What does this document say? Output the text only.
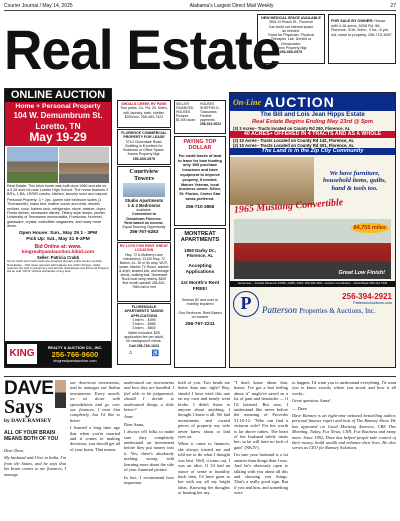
Courier Journal / May 14, 2025	Alabama's Largest Direct Mail Weekly	27
Real Estate
NEW MEDICAL SPACE AVAILABLE
3901-N Peach St., Florence
Can build out internal space
as needed.
Great for Physician, Physical
Therapist, Lab, Dentist or
Chiropractor.
Kanns Property Mgt.
256-666-0579
FOR SALE BY OWNER: House with 4.16 acres, 5208 Rd. 58, Florence, 3/1b, 5d/m., 2 ba., 6 yrs. old, close to property. 256-710-3587
ONLINE AUCTION
Home + Personal Property
104 W. Demumbrum St.
Loretto, TN
May 19-29
Real Estate: This brick home was built circa 1960 and sits on a 0.26 acre lot near Loretto High School. The home features 3 BR's, 1 BA, LR/DR combo, kitchen, laundry room and carport.
Personal Property: 3 + 2pc. queen size bedroom suites (1 Thomasville), brass bed, leather couch and chair, electric recliner, curio, bakers rack, refrigerator, stove, washer, dryer, Fiesta dishes, stoneware dishes, Tiffany style lamps, pewter, University of Tennessee memorabilia, Frankoma, Hummel, glassware, crystal, collectible magazines, and many more items.
Open House: Sun., May 25 1 - 3PM
Pick Up: Sat., May 31 9-2PM
Bid Online at: www.
kingrealtyandauction.hibid.com
Seller: Patricia Crabb
Terms: Debit and credit cards are accepted through online auction website. Real Estate - 10% down payment with balance due within 30 days. Seller reserves the right to accept any and all bids. Real Estate and Personal Property will be sold "AS IS" without warranties of any kind.
KING
REALTY & AUCTION CO., INC.
256-766-9600
kingrealtyandauction.com
SHOALS CREEK RV PARK
Two parks. Co. Rd. 29, Killen, wifi, laundry, bath, shelter, $300/mo. 256-483-7323
FLORENCE COMMERCIAL PROPERTY FOR LEASE
3710 Cloverdale Road.
Building is Excellent for
Business or Office Space.
Kanns Property Mgt.
256-666-0579
Courtview Towers
Studio Apartments
1 & 2 Bedrooms
available.
Convenient to
Downtown Florence.
Rent based on income.
Equal Housing Opportunity
256-767-6283
RV LOTS FOR RENT GREAT LOCATION
Hwy. 72 & Mulberry Lane Intersection. 12100 Hwy. 72 Barton, AL. 30 or 50 amp, Wi-Fi, sewer, electric TV Room, washer & dryer, shaded lots, and storage sheds, walking trail, Tennessee Rock boat ramp nearby. $400 first month special! 256-810-7660 call or text
FLORENDALE APARTMENTS TAKING APPLICATIONS
1 bdrm. - $495
2 bdrm. - $585
3 bdrm. - $600
Water included, $25
application fee per adult,
for background check.
Call 256-766-1623
⌂	♿
SELLER
FINANCED
HOUSES
Pictures
$1,000 down
HOUSES
SHEFFIELD,
Tuscumbia
Flexible
payments
256-513-9022
PAYING TOP DOLLAR
For small tracks of land to lease for bow hunting only. Will purchase insurance and have equipment to improve property, if needed. Mature Veteran, local business owner. Killen, St. Florian, Center Star areas preferred.
256-710-2856
MONTREAT APARTMENTS
1850 Darby Dr., Florence, AL
Accepting Applications
1st Month's Rent FREE!
Seniors 62 and over or mobility impaired
One Bedroom, Rent Based on Income
256-767-2211
On-Line AUCTION
The Bill and Lois Jean Hipps Estate
Real Estate Begins Ending May 23rd @ 5pm
(3) 3 Acres~ Tracts located on County Rd 290, Florence, AL
40 ACRES+ OFFERED IN 4 TRACTS AND AS A WHOLE
(2) 10 Acres~ Tracts Located on County Rd 142, Florence, AL
(2) 10 Acres~ Tracts Located on County Rd 301, Florence, AL
The Land is in the Zip City Community
We have furniture, household items, quilts, hand & tools too.
1965 Mustang Convertible
84,755 miles
Great Low Finish!
Auctioneer – Donald Patterson #1566, AABS, AAPL 256-394-2921 • Auction Coordinator – Alicia Black 256-412-7433
P	256-394-2921
PattersonAuctions.com
Patterson Properties & Auctions, Inc.
DAVE
Says
by DAVE RAMSEY
ALL OF YOUR BRAIN MEANS BOTH OF YOU

Dear Dave,

My husband and I live in India. I'm from the States, and he says that his brain comes to me finances, I manage

our American investments, and he manages our Indian investments. Every month, we sit down with spreadsheets and go over our finances. I trust him completely, but I'd like to better

I learned a long time ago that when you're married and it comes to making decisions, you should get all of your brain. That means

understand our investments and how they are handled. I feel able to bit judgmental, should I decide to understand things a little better?

Anne

Dear Anna,

I always tell folks to make sure they completely understand an investment before they put money into it. Yes, there's absolutely nothing wrong with learning more about the side of your financial picture.

In fact, I recommend how important

both of you. Two heads are better than one, right? Boy, should I have tried this one on my own and nearly went broke. I didn't listen to anyone about anything. I thought I knew it all. We had investments and owned pieces of property my wife never knew about or laid eyes on.

When it came to finances, she always trusted me and told me to do what I thought was best. Well, it turns out, I was an idiot. If I'd had an ounce of sense or humility back then, I'd have gone to her with my all my bright ideas. Knowing her thoughts or hearing her say,

"I don't know about that, honey. I've got a bad feeling about it" might've saved us a lot of pain and heartache — if I'd listened. But now, I understand like never before the meaning of Proverbs 31:10-12: "Who can find a virtuous wife? For her worth is far above rubies. The heart of her husband safely trusts her; so he will have no lack of gain" (NKJV).

I'm sure your husband is a lot smarter than things than I was. And he's obviously open to talking with you about all this and showing you things. That's a really good sign. But if you and him, and something were

to happen, I'd want you to understand everything. I'd want you to know exactly where you stood, and how it all works.

Great question, Anna!

— Dave

Dave Ramsey is an eight-time national bestselling author, personal finance expert and host of The Ramsey Show. He has appeared on Good Morning America, CBS This Morning, Today, Fox News, CNN, Fox Business and many more. Since 1992, Dave has helped people take control of their money, build wealth and enhance their lives. He also serves as CEO for Ramsey Solutions.
